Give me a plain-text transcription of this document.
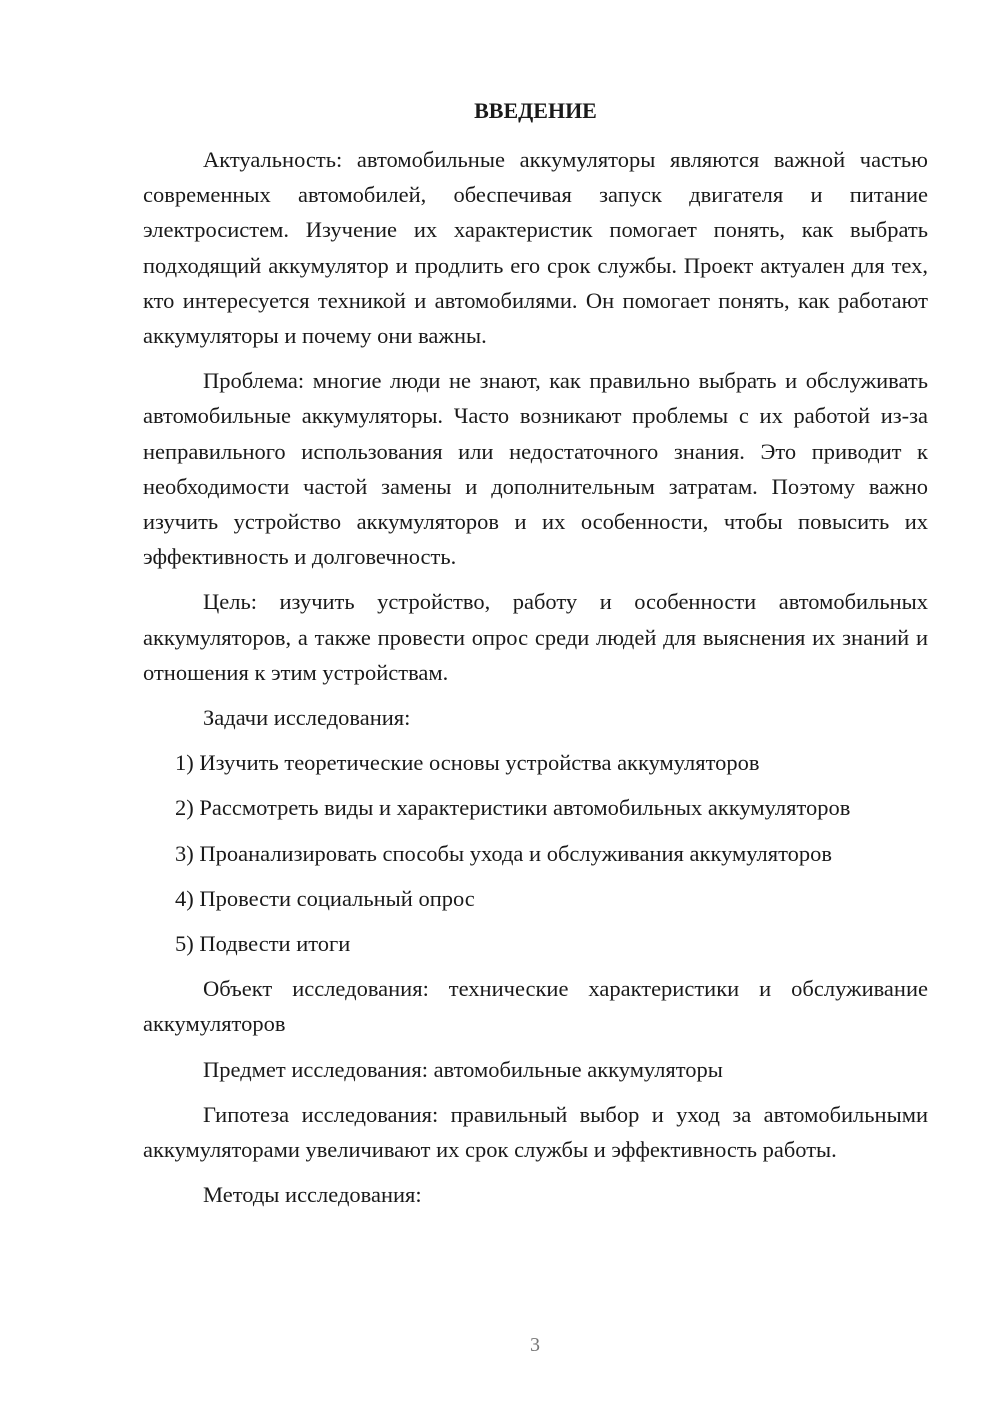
ВВЕДЕНИЕ

Актуальность: автомобильные аккумуляторы являются важной частью современных автомобилей, обеспечивая запуск двигателя и питание электросистем. Изучение их характеристик помогает понять, как выбрать подходящий аккумулятор и продлить его срок службы. Проект актуален для тех, кто интересуется техникой и автомобилями. Он помогает понять, как работают аккумуляторы и почему они важны.

Проблема: многие люди не знают, как правильно выбрать и обслуживать автомобильные аккумуляторы. Часто возникают проблемы с их работой из-за неправильного использования или недостаточного знания. Это приводит к необходимости частой замены и дополнительным затратам. Поэтому важно изучить устройство аккумуляторов и их особенности, чтобы повысить их эффективность и долговечность.

Цель: изучить устройство, работу и особенности автомобильных аккумуляторов, а также провести опрос среди людей для выяснения их знаний и отношения к этим устройствам.

Задачи исследования:

1) Изучить теоретические основы устройства аккумуляторов

2) Рассмотреть виды и характеристики автомобильных аккумуляторов

3) Проанализировать способы ухода и обслуживания аккумуляторов

4) Провести социальный опрос

5) Подвести итоги

Объект исследования: технические характеристики и обслуживание аккумуляторов

Предмет исследования: автомобильные аккумуляторы

Гипотеза исследования: правильный выбор и уход за автомобильными аккумуляторами увеличивают их срок службы и эффективность работы.

Методы исследования:

3
